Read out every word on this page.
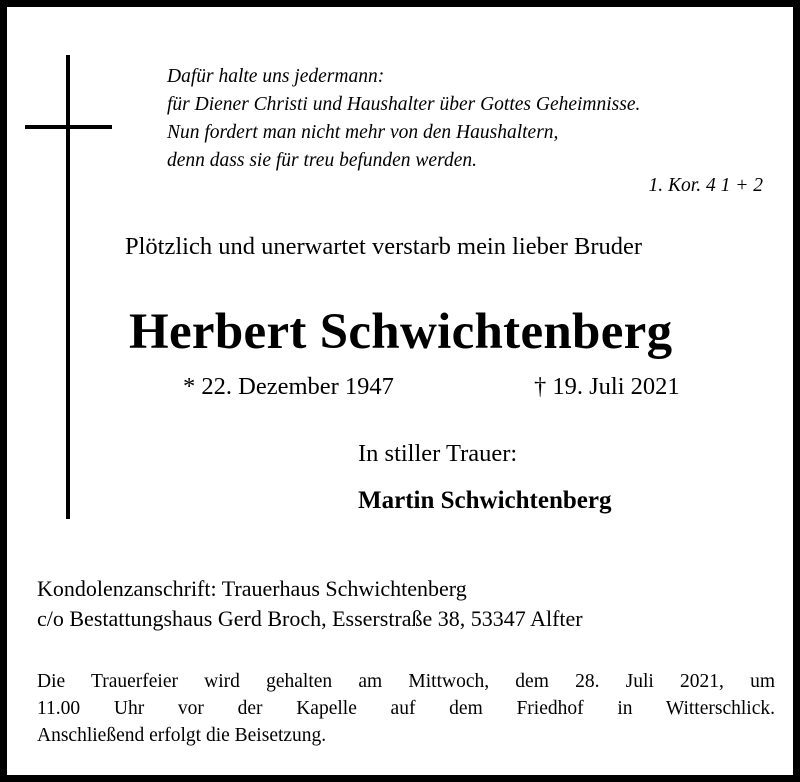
Dafür halte uns jedermann:
für Diener Christi und Haushalter über Gottes Geheimnisse.
Nun fordert man nicht mehr von den Haushaltern,
denn dass sie für treu befunden werden.
1. Kor. 4 1 + 2
Plötzlich und unerwartet verstarb mein lieber Bruder
Herbert Schwichtenberg
* 22. Dezember 1947	† 19. Juli 2021
In stiller Trauer:
Martin Schwichtenberg
Kondolenzanschrift: Trauerhaus Schwichtenberg
c/o Bestattungshaus Gerd Broch, Esserstraße 38, 53347 Alfter
Die Trauerfeier wird gehalten am Mittwoch, dem 28. Juli 2021, um
11.00 Uhr vor der Kapelle auf dem Friedhof in Witterschlick.
Anschließend erfolgt die Beisetzung.
